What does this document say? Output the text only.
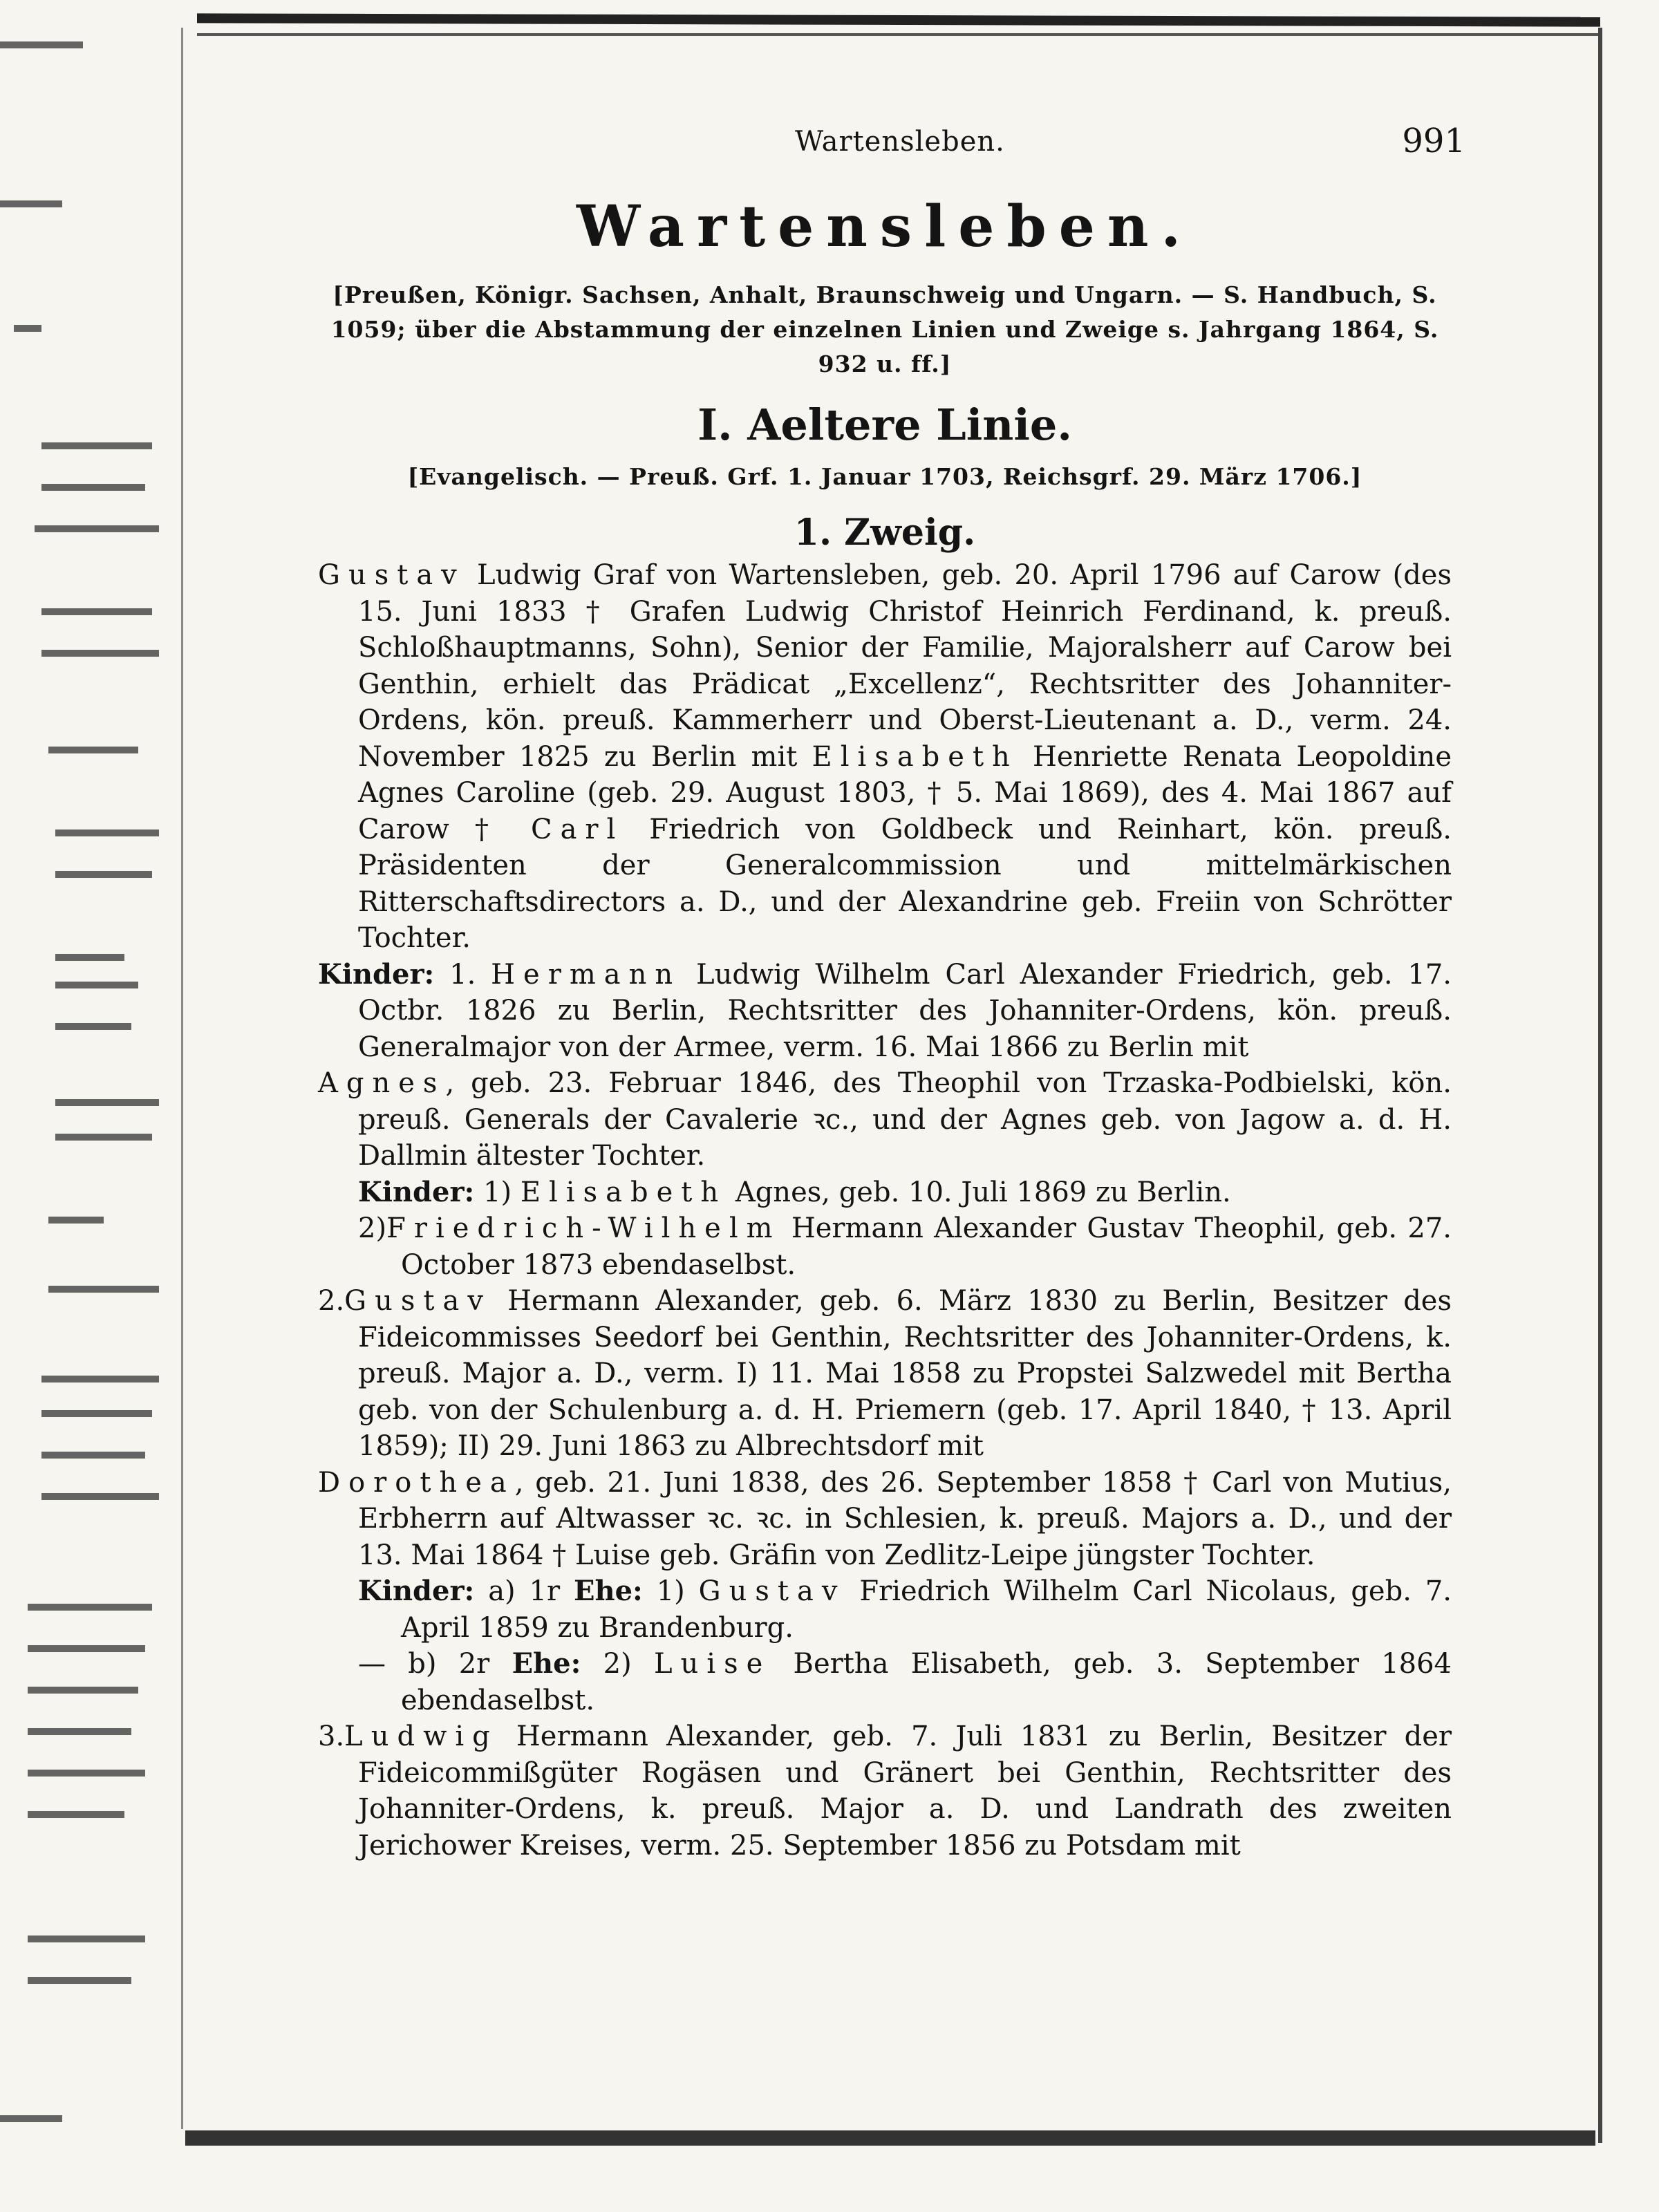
Wartensleben.	991
Wartensleben.
[Preußen, Königr. Sachsen, Anhalt, Braunschweig und Ungarn. — S. Handbuch, S. 1059; über die Abstammung der einzelnen Linien und Zweige s. Jahrgang 1864, S. 932 u. ff.]
I. Aeltere Linie.
[Evangelisch. — Preuß. Grf. 1. Januar 1703, Reichsgrf. 29. März 1706.]
1. Zweig.
Gustav Ludwig Graf von Wartensleben, geb. 20. April 1796 auf Carow (des 15. Juni 1833 † Grafen Ludwig Christof Heinrich Ferdinand, k. preuß. Schloßhauptmanns, Sohn), Senior der Familie, Majoralsherr auf Carow bei Genthin, erhielt das Prädicat „Excellenz“, Rechtsritter des Johanniter-Ordens, kön. preuß. Kammerherr und Oberst-Lieutenant a. D., verm. 24. November 1825 zu Berlin mit Elisabeth Henriette Renata Leopoldine Agnes Caroline (geb. 29. August 1803, † 5. Mai 1869), des 4. Mai 1867 auf Carow † Carl Friedrich von Goldbeck und Reinhart, kön. preuß. Präsidenten der Generalcommission und mittelmärkischen Ritterschaftsdirectors a. D., und der Alexandrine geb. Freiin von Schrötter Tochter.
Kinder: 1. Hermann Ludwig Wilhelm Carl Alexander Friedrich, geb. 17. Octbr. 1826 zu Berlin, Rechtsritter des Johanniter-Ordens, kön. preuß. Generalmajor von der Armee, verm. 16. Mai 1866 zu Berlin mit
Agnes, geb. 23. Februar 1846, des Theophil von Trzaska-Podbielski, kön. preuß. Generals der Cavalerie ꝛc., und der Agnes geb. von Jagow a. d. H. Dallmin ältester Tochter.
Kinder: 1) Elisabeth Agnes, geb. 10. Juli 1869 zu Berlin.
2)Friedrich-Wilhelm Hermann Alexander Gustav Theophil, geb. 27. October 1873 ebendaselbst.
2.Gustav Hermann Alexander, geb. 6. März 1830 zu Berlin, Besitzer des Fideicommisses Seedorf bei Genthin, Rechtsritter des Johanniter-Ordens, k. preuß. Major a. D., verm. I) 11. Mai 1858 zu Propstei Salzwedel mit Bertha geb. von der Schulenburg a. d. H. Priemern (geb. 17. April 1840, † 13. April 1859); II) 29. Juni 1863 zu Albrechtsdorf mit
Dorothea, geb. 21. Juni 1838, des 26. September 1858 † Carl von Mutius, Erbherrn auf Altwasser ꝛc. ꝛc. in Schlesien, k. preuß. Majors a. D., und der 13. Mai 1864 † Luise geb. Gräfin von Zedlitz-Leipe jüngster Tochter.
Kinder: a) 1r Ehe: 1) Gustav Friedrich Wilhelm Carl Nicolaus, geb. 7. April 1859 zu Brandenburg.
— b) 2r Ehe: 2) Luise Bertha Elisabeth, geb. 3. September 1864 ebendaselbst.
3.Ludwig Hermann Alexander, geb. 7. Juli 1831 zu Berlin, Besitzer der Fideicommißgüter Rogäsen und Gränert bei Genthin, Rechtsritter des Johanniter-Ordens, k. preuß. Major a. D. und Landrath des zweiten Jerichower Kreises, verm. 25. September 1856 zu Potsdam mit
